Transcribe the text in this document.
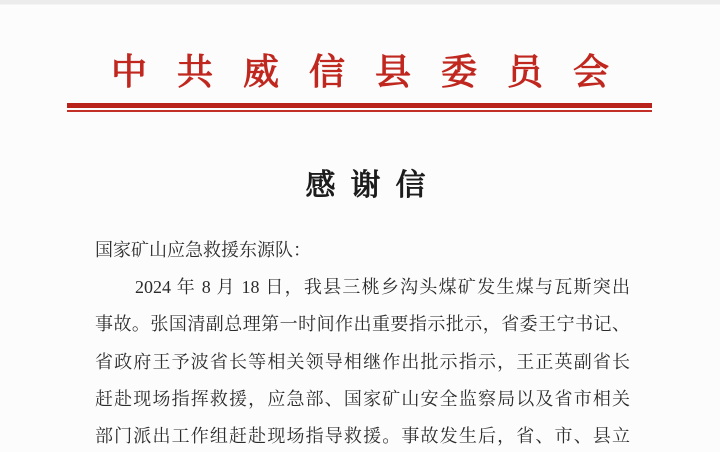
中共威信县委员会
感谢信

国家矿山应急救援东源队：

2024 年 8 月 18 日，我县三桃乡沟头煤矿发生煤与瓦斯突出

事故。张国清副总理第一时间作出重要指示批示，省委王宁书记、

省政府王予波省长等相关领导相继作出批示指示，王正英副省长

赶赴现场指挥救援，应急部、国家矿山安全监察局以及省市相关

部门派出工作组赶赴现场指导救援。事故发生后，省、市、县立
